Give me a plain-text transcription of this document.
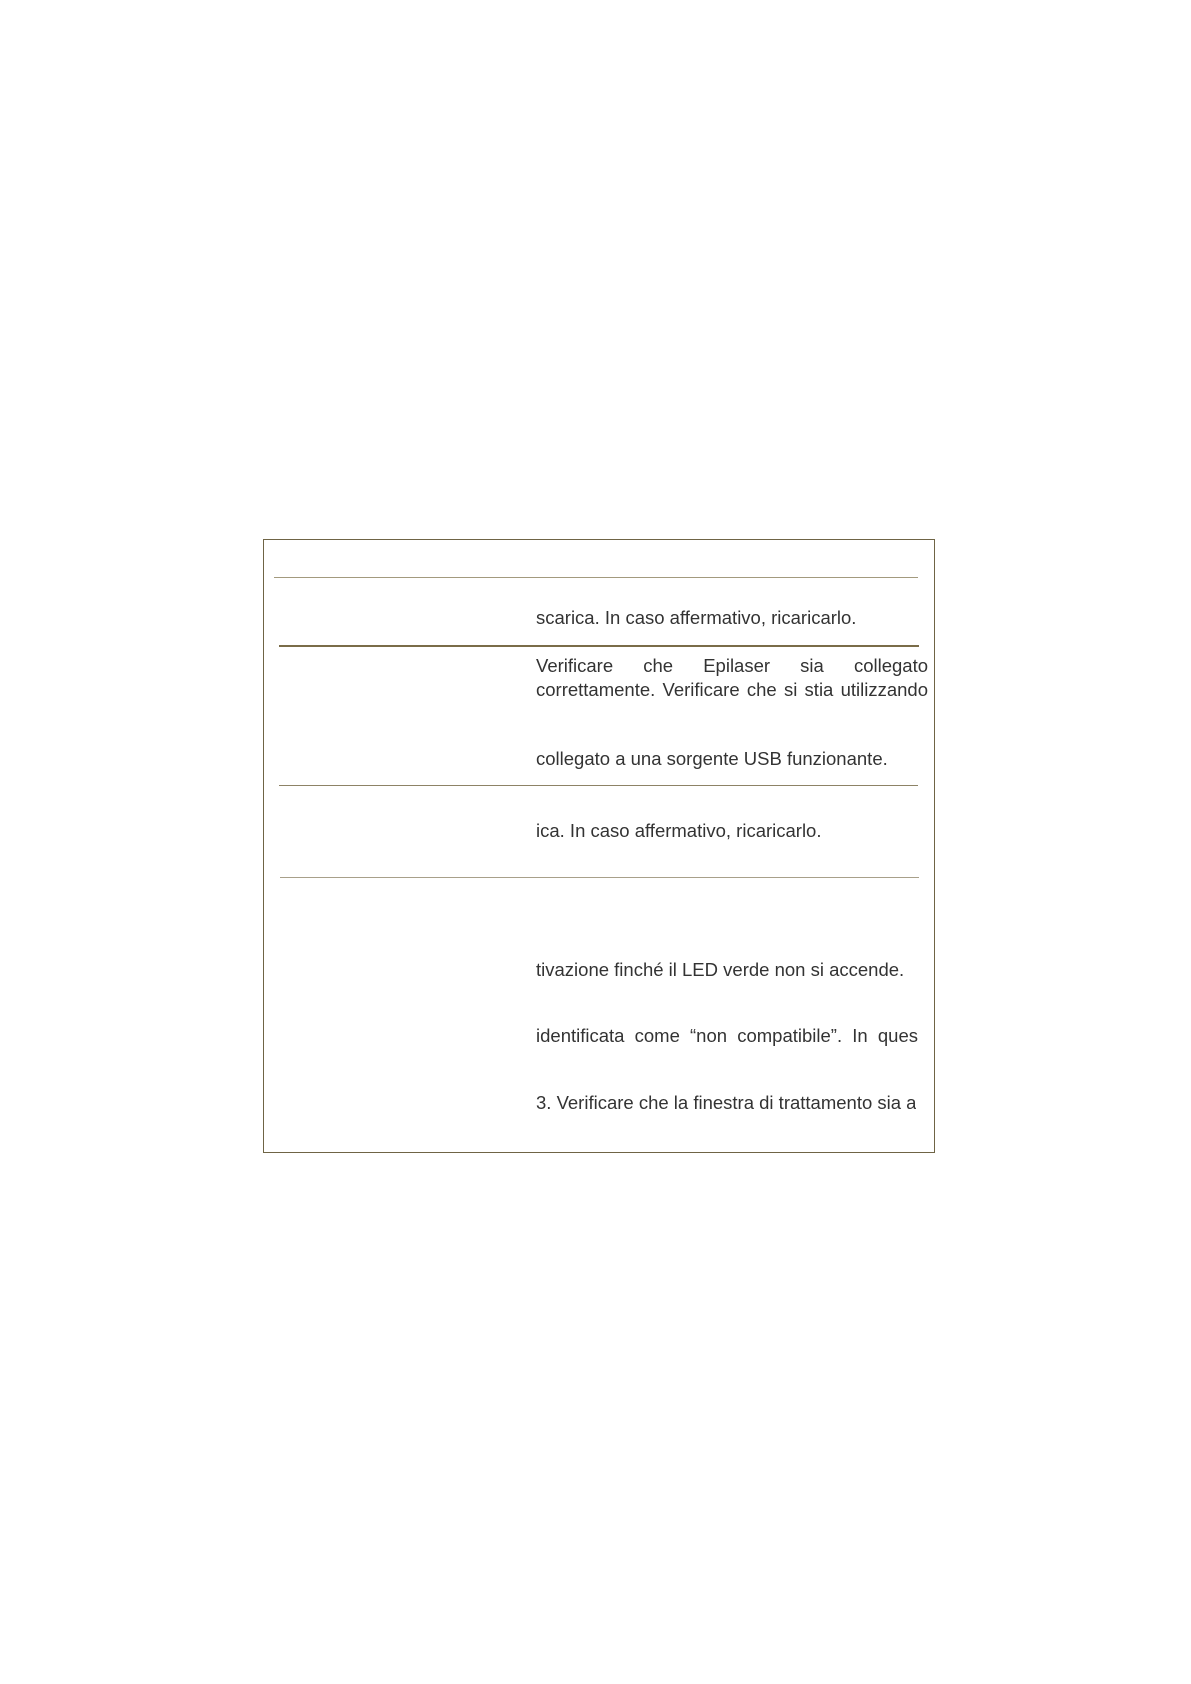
scarica. In caso affermativo, ricaricarlo.
Verificare che Epilaser sia collegato
correttamente. Verificare che si stia utilizzando
collegato a una sorgente USB funzionante.
ica. In caso affermativo, ricaricarlo.
tivazione finché il LED verde non si accende.
identificata come “non compatibile”. In ques
3. Verificare che la finestra di trattamento sia a
